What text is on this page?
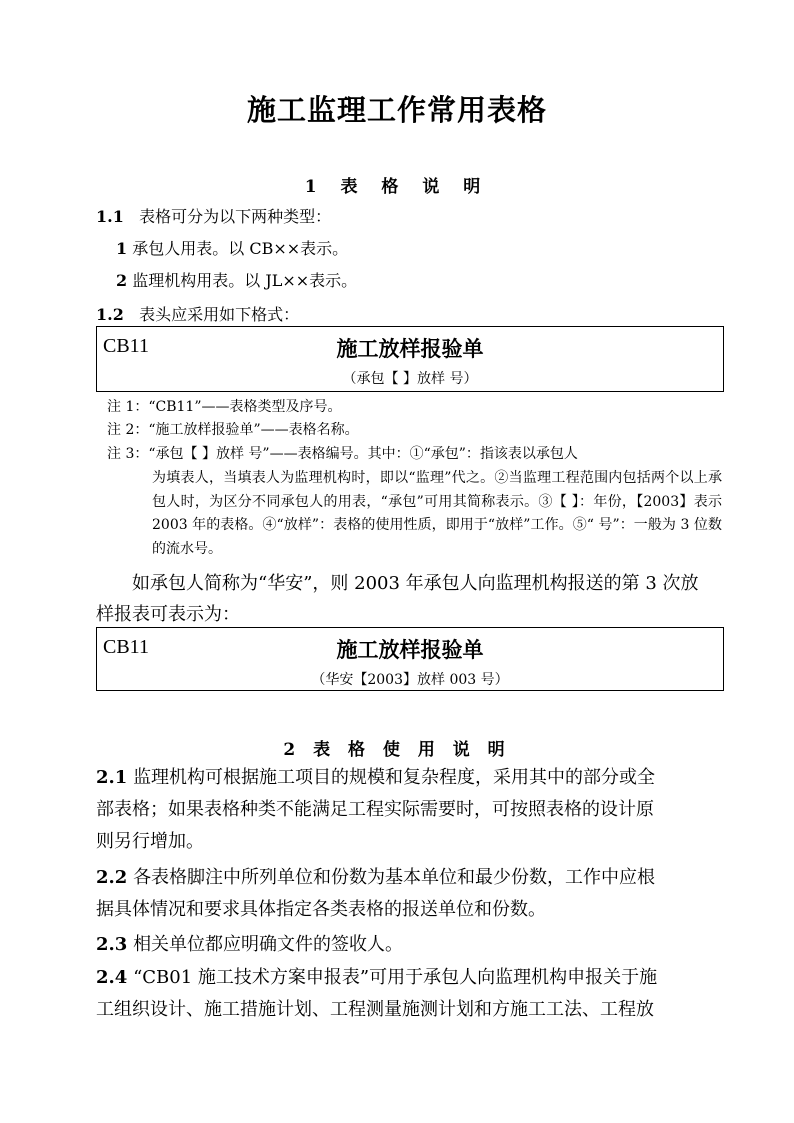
施工监理工作常用表格
1 表 格 说 明
1.1 表格可分为以下两种类型：
1 承包人用表。以 CB××表示。
2 监理机构用表。以 JL××表示。
1.2 表头应采用如下格式：
CB11	施工放样报验单
（承包【 】放样 号）
注 1：“CB11”——表格类型及序号。
注 2：“施工放样报验单”——表格名称。
注 3：“承包【 】放样 号”——表格编号。其中：①“承包”：指该表以承包人
为填表人，当填表人为监理机构时，即以“监理”代之。②当监理工程范围内包括两个以上承包人时，为区分不同承包人的用表，“承包”可用其简称表示。③【 】：年份，【2003】表示 2003 年的表格。④“放样”：表格的使用性质，即用于“放样”工作。⑤“ 号”：一般为 3 位数的流水号。
如承包人简称为“华安”，则 2003 年承包人向监理机构报送的第 3 次放
样报表可表示为：
CB11	施工放样报验单
（华安【2003】放样 003 号）
2 表 格 使 用 说 明
2.1 监理机构可根据施工项目的规模和复杂程度，采用其中的部分或全
部表格；如果表格种类不能满足工程实际需要时，可按照表格的设计原
则另行增加。
2.2 各表格脚注中所列单位和份数为基本单位和最少份数，工作中应根
据具体情况和要求具体指定各类表格的报送单位和份数。
2.3 相关单位都应明确文件的签收人。
2.4 “CB01 施工技术方案申报表”可用于承包人向监理机构申报关于施
工组织设计、施工措施计划、工程测量施测计划和方施工工法、工程放
